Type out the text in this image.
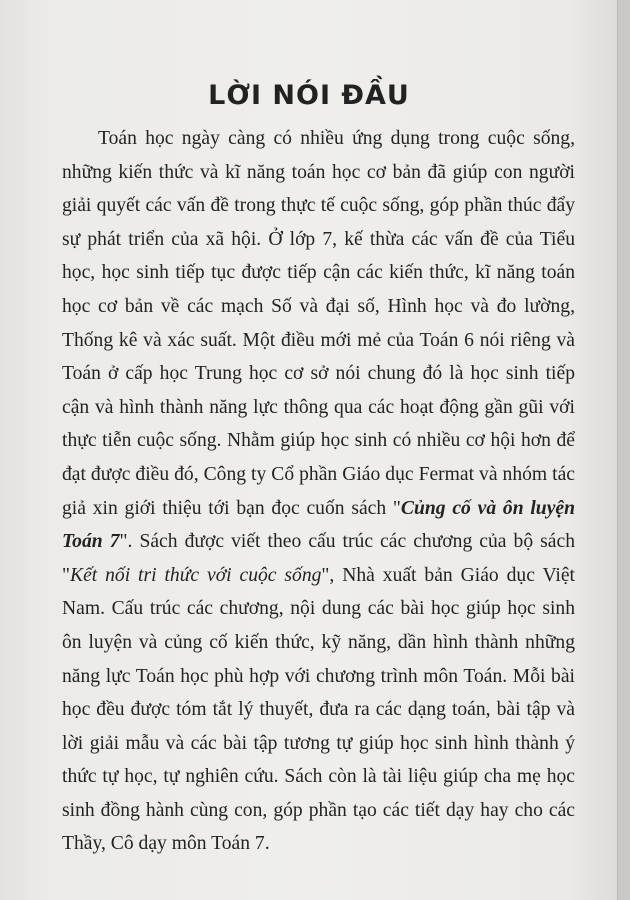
LỜI NÓI ĐẦU

Toán học ngày càng có nhiều ứng dụng trong cuộc sống, những kiến thức và kĩ năng toán học cơ bản đã giúp con người giải quyết các vấn đề trong thực tế cuộc sống, góp phần thúc đẩy sự phát triển của xã hội. Ở lớp 7, kế thừa các vấn đề của Tiểu học, học sinh tiếp tục được tiếp cận các kiến thức, kĩ năng toán học cơ bản về các mạch Số và đại số, Hình học và đo lường, Thống kê và xác suất. Một điều mới mẻ của Toán 6 nói riêng và Toán ở cấp học Trung học cơ sở nói chung đó là học sinh tiếp cận và hình thành năng lực thông qua các hoạt động gần gũi với thực tiễn cuộc sống. Nhằm giúp học sinh có nhiều cơ hội hơn để đạt được điều đó, Công ty Cổ phần Giáo dục Fermat và nhóm tác giả xin giới thiệu tới bạn đọc cuốn sách "Củng cố và ôn luyện Toán 7". Sách được viết theo cấu trúc các chương của bộ sách "Kết nối tri thức với cuộc sống", Nhà xuất bản Giáo dục Việt Nam. Cấu trúc các chương, nội dung các bài học giúp học sinh ôn luyện và củng cố kiến thức, kỹ năng, dần hình thành những năng lực Toán học phù hợp với chương trình môn Toán. Mỗi bài học đều được tóm tắt lý thuyết, đưa ra các dạng toán, bài tập và lời giải mẫu và các bài tập tương tự giúp học sinh hình thành ý thức tự học, tự nghiên cứu. Sách còn là tài liệu giúp cha mẹ học sinh đồng hành cùng con, góp phần tạo các tiết dạy hay cho các Thầy, Cô dạy môn Toán 7.
